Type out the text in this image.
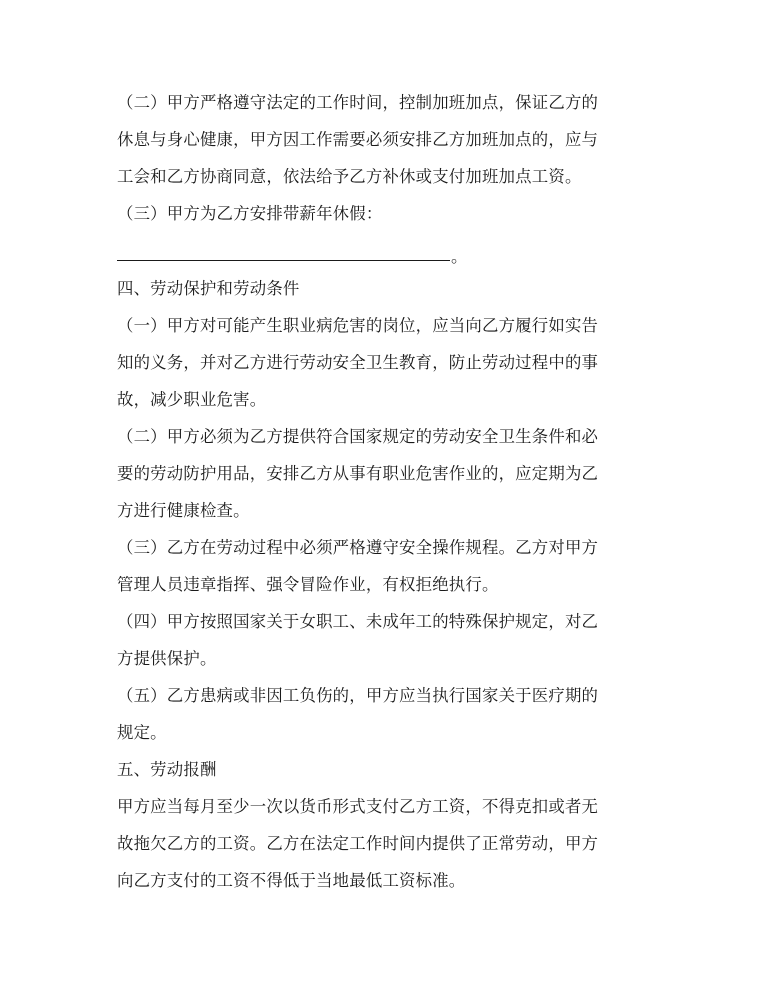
（二）甲方严格遵守法定的工作时间，控制加班加点，保证乙方的
休息与身心健康，甲方因工作需要必须安排乙方加班加点的，应与
工会和乙方协商同意，依法给予乙方补休或支付加班加点工资。
（三）甲方为乙方安排带薪年休假：
。
四、劳动保护和劳动条件
（一）甲方对可能产生职业病危害的岗位，应当向乙方履行如实告
知的义务，并对乙方进行劳动安全卫生教育，防止劳动过程中的事
故，减少职业危害。
（二）甲方必须为乙方提供符合国家规定的劳动安全卫生条件和必
要的劳动防护用品，安排乙方从事有职业危害作业的，应定期为乙
方进行健康检查。
（三）乙方在劳动过程中必须严格遵守安全操作规程。乙方对甲方
管理人员违章指挥、强令冒险作业，有权拒绝执行。
（四）甲方按照国家关于女职工、未成年工的特殊保护规定，对乙
方提供保护。
（五）乙方患病或非因工负伤的，甲方应当执行国家关于医疗期的
规定。
五、劳动报酬
甲方应当每月至少一次以货币形式支付乙方工资，不得克扣或者无
故拖欠乙方的工资。乙方在法定工作时间内提供了正常劳动，甲方
向乙方支付的工资不得低于当地最低工资标准。
